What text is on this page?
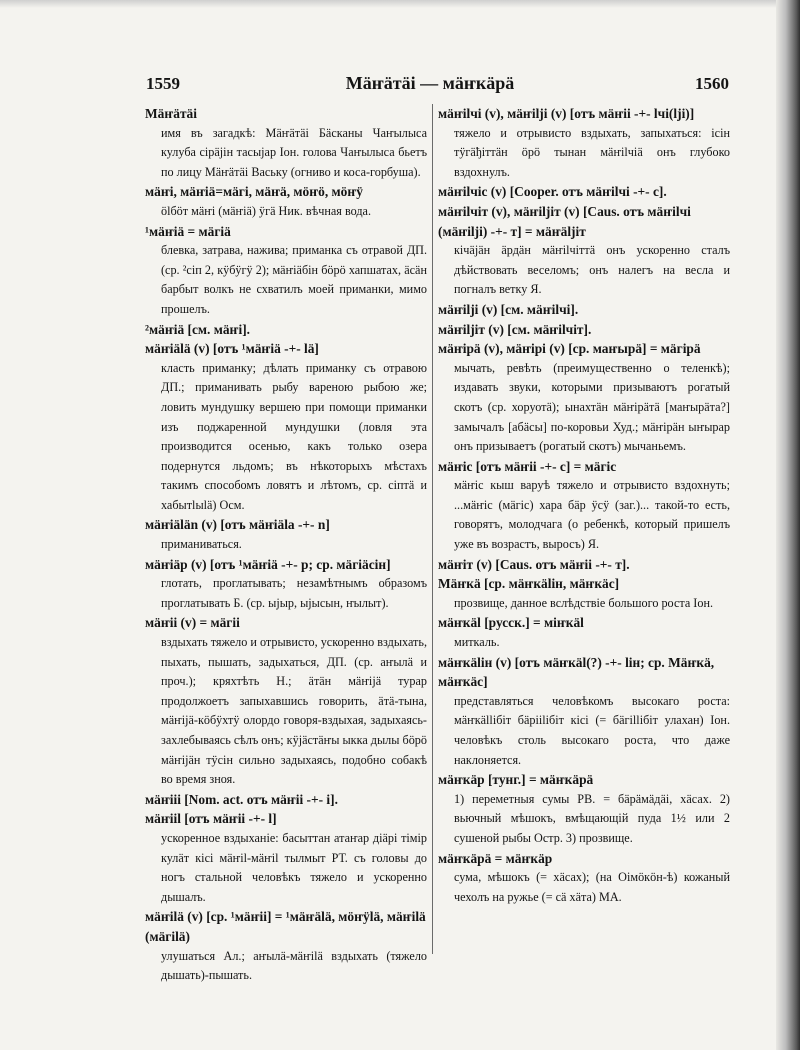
1559	Мäҥäтäі — мäҥкäрä	1560
Мäҥäтäі
имя въ загадкѣ: Мäҥäтäі Бäсканы Чаҥылыса кулуба сірäјін тасыјар Іон. голова Чаҥылыса бьетъ по лицу Мäҥäтäі Ваську (огниво и коса-горбуша).
мäҥі, мäҥіä=мäгі, мäҥä, мöҥö, мöҥÿ
ölбöт мäҥі (мäҥіä) ÿгä Ник. вѣчная вода.
¹мäҥіä = мäгіä
блевка, затрава, нажива; приманка съ отравой ДП. (ср. ²сіп 2, кÿбÿгÿ 2); мäҥіäбін бöрö хапшатах, äсäн барбыт волкъ не схватилъ моей приманки, мимо прошелъ.
²мäҥіä [см. мäҥі].
мäҥіälä (v) [отъ ¹мäҥіä -+- lä]
класть приманку; дѣлать приманку съ отравою ДП.; приманивать рыбу вареною рыбою же; ловить мундушку вершею при помощи приманки изъ поджаренной мундушки (ловля эта производится осенью, какъ только озера подернутся льдомъ; въ нѣкоторыхъ мѣстахъ такимъ способомъ ловятъ и лѣтомъ, ср. сіптä и хабытlыlä) Осм.
мäҥіälän (v) [отъ мäҥіäla -+- n]
приманиваться.
мäҥіäр (v) [отъ ¹мäҥіä -+- р; ср. мäгіäсін]
глотать, проглатывать; незамѣтнымъ образомъ проглатывать Б. (ср. ыјыр, ыјысын, ҥылыт).
мäҥіі (v) = мäгіі
вздыхать тяжело и отрывисто, ускоренно вздыхать, пыхать, пышать, задыхаться, ДП. (ср. аҥылä и проч.); кряхтѣть Н.; äтäн мäҥіјä турар продолжоетъ запыхавшись говорить, äтä-тына, мäҥіјä-кöбÿхтÿ олордо говоря-вздыхая, задыхаясь-захлебываясь сѣлъ онъ; кÿјäстäҥы ыкка дылы бöрö мäҥіјäн тÿсін сильно задыхаясь, подобно собакѣ во время зноя.
мäҥііі [Nom. act. отъ мäҥіі -+- і].
мäҥііl [отъ мäҥіі -+- l]
ускоренное вздыханіе: басыттан атаҥар діäрі тімір кулäт кісі мäҥіl-мäҥіl тылмыт РТ. съ головы до ногъ стальной человѣкъ тяжело и ускоренно дышалъ.
мäҥіlä (v) [ср. ¹мäҥіі] = ¹мäҥälä, мöҥÿlä, мäҥіlä (мäгіlä)
улушаться Ал.; аҥылä-мäҥіlä вздыхать (тяжело дышать)-пышать.
мäҥіlчі (v), мäҥіlјі (v) [отъ мäҥіі -+- lчі(lјі)]
тяжело и отрывисто вздыхать, запыхаться: ісін тÿгäђіттäн öрö тынан мäҥіlчіä онъ глубоко вздохнулъ.
мäҥіlчіс (v) [Cooper. отъ мäҥіlчі -+- с].
мäҥіlчіт (v), мäҥіlјіт (v) [Caus. отъ мäҥіlчі (мäҥіlјі) -+- т] = мäҥälјіт
кічäјäн äрдäн мäҥіlчіттä онъ ускоренно сталъ дѣйствовать веселомъ; онъ налегъ на весла и погналъ ветку Я.
мäҥіlјі (v) [см. мäҥіlчі].
мäҥіlјіт (v) [см. мäҥіlчіт].
мäҥірä (v), мäҥірі (v) [ср. маҥырä] = мäгірä
мычать, ревѣть (преимущественно о теленкѣ); издавать звуки, которыми призываютъ рогатый скотъ (ср. хоруотä); ынахтäн мäҥірäтä [маҥырäта?] замычалъ [абäсы] по-коровьи Худ.; мäҥірäн ыҥырар онъ призываетъ (рогатый скотъ) мычаньемъ.
мäҥіс [отъ мäҥіі -+- с] = мäгіс
мäҥіс кыш варуѣ тяжело и отрывисто вздохнуть; ...мäҥіс (мäгіс) хара бäр ÿсÿ (заг.)... такой-то есть, говорятъ, молодчага (о ребенкѣ, который пришелъ уже въ возрастъ, выросъ) Я.
мäҥіт (v) [Caus. отъ мäҥіі -+- т].
Мäҥкä [ср. мäҥкälін, мäҥкäс]
прозвище, данное вслѣдствіе большого роста Іон.
мäҥкäl [русск.] = міҥкäl
миткаль.
мäҥкälін (v) [отъ мäҥкäl(?) -+- lін; ср. Мäҥкä, мäҥкäс]
представляться человѣкомъ высокаго роста: мäҥкällібіт бäрііlібіт кісі (= бäгіllібіт улахан) Іон. человѣкъ столь высокаго роста, что даже наклоняется.
мäҥкäр [тунг.] = мäҥкäрä
1) переметныя сумы РВ. = бäрäмäдäі, хäсах. 2) вьючный мѣшокъ, вмѣщающій пуда 1½ или 2 сушеной рыбы Остр. 3) прозвище.
мäҥкäрä = мäҥкäр
сума, мѣшокъ (= хäсах); (на Оімöкöн-ѣ) кожаный чехолъ на ружье (= сä хäта) МА.
